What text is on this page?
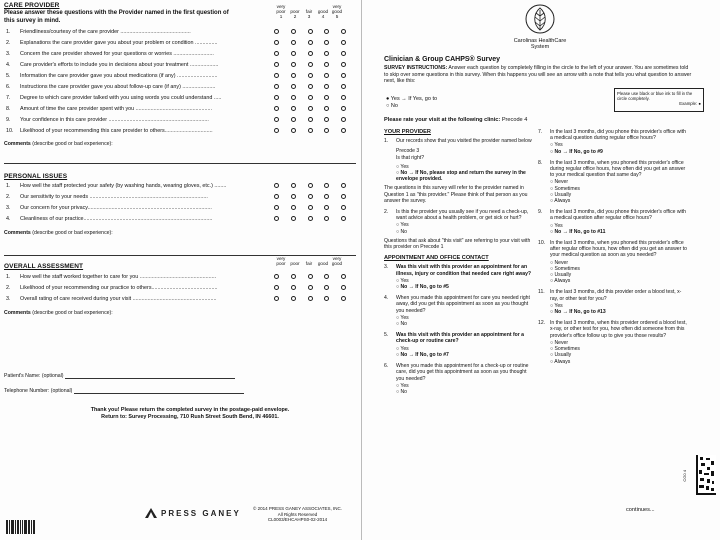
CARE PROVIDER
Please answer these questions with the Provider named in the first question of this survey in mind.
very	very
poor	poor	fair	good good
1	2	3	4	5
1.	Friendliness/courtesy of the care provider ...............................................
2.	Explanations the care provider gave you about your problem or condition ...............
3.	Concern the care provider showed for your questions or worries ...........................
4.	Care provider's efforts to include you in decisions about your treatment ...................
5.	Information the care provider gave you about medications (if any) ...........................
6.	Instructions the care provider gave you about follow-up care (if any) ......................
7.	Degree to which care provider talked with you using words you could understand .....
8.	Amount of time the care provider spent with you ...................................................
9.	Your confidence in this care provider ...................................................................
10.	Likelihood of your recommending this care provider to others................................
Comments (describe good or bad experience):
PERSONAL ISSUES
1.	How well the staff protected your safety (by washing hands, wearing gloves, etc.) ........
2.	Our sensitivity to your needs ...............................................................................
3.	Our concern for your privacy...................................................................................
4.	Cleanliness of our practice......................................................................................
Comments (describe good or bad experience):
very	very
poor	poor	fair	good good
OVERALL ASSESSMENT
1.	How well the staff worked together to care for you ...................................................
2.	Likelihood of your recommending our practice to others............................................
3.	Overall rating of care received during your visit ........................................................
Comments (describe good or bad experience):
Patient's Name: (optional)
Telephone Number: (optional)
Thank you! Please return the completed survey in the postage-paid envelope.
Return to: Survey Processing, 710 Rush Street South Bend, IN 46601.
PRESS GANEY	© 2014 PRESS GANEY ASSOCIATES, INC.
All Rights Reserved
CL0003/EHCAHPS0-02-2014
Carolinas HealthCare System
Clinician & Group CAHPS® Survey
SURVEY INSTRUCTIONS: Answer each question by completely filling in the circle to the left of your answer. You are sometimes told to skip over some questions in this survey. When this happens you will see an arrow with a note that tells you what question to answer next, like this:
● Yes → If Yes, go to
○ No
Please use black or blue ink to fill in the circle completely.
Example: ●
Please rate your visit at the following clinic: Precode 4
YOUR PROVIDER
1.	Our records show that you visited the provider named below
Precode 3
Is that right?
○ Yes
○ No → If No, please stop and return the survey in the envelope provided.
The questions in this survey will refer to the provider named in Question 1 as "this provider." Please think of that person as you answer the survey.
2.	Is this the provider you usually see if you need a check-up, want advice about a health problem, or get sick or hurt?
○ Yes
○ No
Questions that ask about "this visit" are referring to your visit with this provider on Precode 1
APPOINTMENT AND OFFICE CONTACT
3.	Was this visit with this provider an appointment for an illness, injury or condition that needed care right away?
○ Yes
○ No → If No, go to #5
4.	When you made this appointment for care you needed right away, did you get this appointment as soon as you thought you needed?
○ Yes
○ No
5.	Was this visit with this provider an appointment for a check-up or routine care?
○ Yes
○ No → If No, go to #7
6.	When you made this appointment for a check-up or routine care, did you get this appointment as soon as you thought you needed?
○ Yes
○ No
7.	In the last 3 months, did you phone this provider's office with a medical question during regular office hours?
○ Yes
○ No → If No, go to #9
8.	In the last 3 months, when you phoned this provider's office during regular office hours, how often did you get an answer to your medical question that same day?
○ Never
○ Sometimes
○ Usually
○ Always
9.	In the last 3 months, did you phone this provider's office with a medical question after regular office hours?
○ Yes
○ No → If No, go to #11
10. In the last 3 months, when you phoned this provider's office after regular office hours, how often did you get an answer to your medical question as soon as you needed?
○ Never
○ Sometimes
○ Usually
○ Always
11.	In the last 3 months, did this provider order a blood test, x-ray, or other test for you?
○ Yes
○ No → If No, go to #13
12. In the last 3 months, when this provider ordered a blood test, x-ray, or other test for you, how often did someone from this provider's office follow up to give you those results?
○ Never
○ Sometimes
○ Usually
○ Always
continues...
CG0 4
